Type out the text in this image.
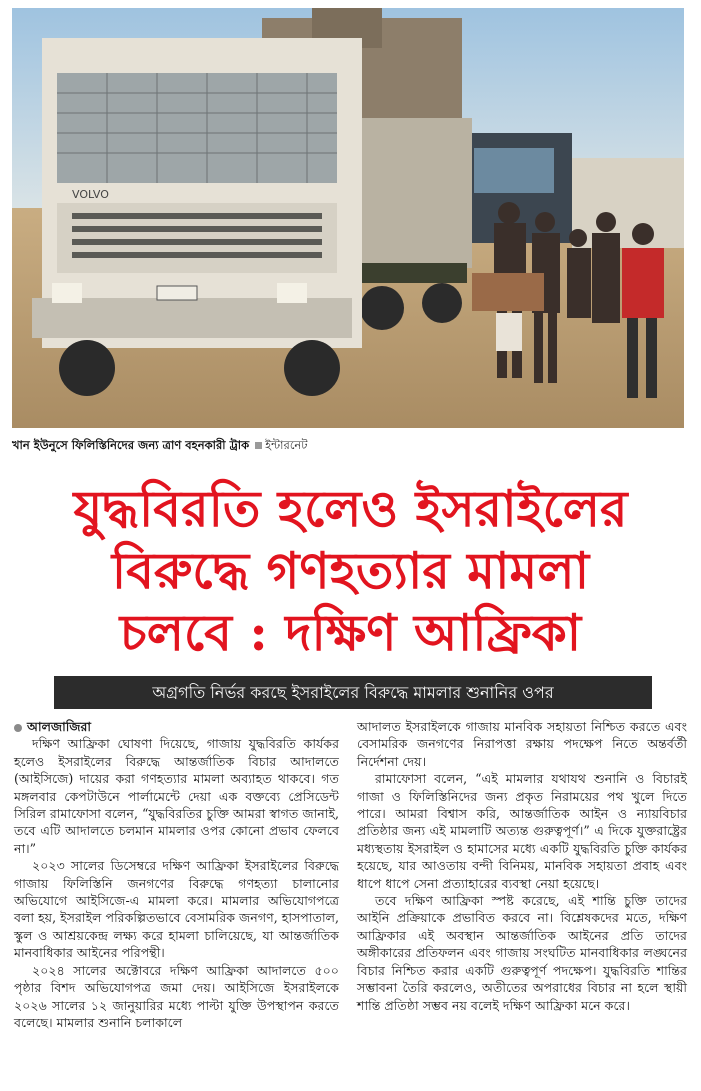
VOLVO
খান ইউনুসে ফিলিস্তিনিদের জন্য ত্রাণ বহনকারী ট্রাক ইন্টারনেট
যুদ্ধবিরতি হলেও ইসরাইলের
বিরুদ্ধে গণহত্যার মামলা
চলবে : দক্ষিণ আফ্রিকা
অগ্রগতি নির্ভর করছে ইসরাইলের বিরুদ্ধে মামলার শুনানির ওপর

আলজাজিরা

দক্ষিণ আফ্রিকা ঘোষণা দিয়েছে, গাজায় যুদ্ধবিরতি কার্যকর হলেও ইসরাইলের বিরুদ্ধে আন্তর্জাতিক বিচার আদালতে (আইসিজে) দায়ের করা গণহত্যার মামলা অব্যাহত থাকবে। গত মঙ্গলবার কেপটাউনে পার্লামেন্টে দেয়া এক বক্তব্যে প্রেসিডেন্ট সিরিল রামাফোসা বলেন, “যুদ্ধবিরতির চুক্তি আমরা স্বাগত জানাই, তবে এটি আদালতে চলমান মামলার ওপর কোনো প্রভাব ফেলবে না।”

২০২৩ সালের ডিসেম্বরে দক্ষিণ আফ্রিকা ইসরাইলের বিরুদ্ধে গাজায় ফিলিস্তিনি জনগণের বিরুদ্ধে গণহত্যা চালানোর অভিযোগে আইসিজে-এ মামলা করে। মামলার অভিযোগপত্রে বলা হয়, ইসরাইল পরিকল্পিতভাবে বেসামরিক জনগণ, হাসপাতাল, স্কুল ও আশ্রয়কেন্দ্র লক্ষ্য করে হামলা চালিয়েছে, যা আন্তর্জাতিক মানবাধিকার আইনের পরিপন্থী।

২০২৪ সালের অক্টোবরে দক্ষিণ আফ্রিকা আদালতে ৫০০ পৃষ্ঠার বিশদ অভিযোগপত্র জমা দেয়। আইসিজে ইসরাইলকে ২০২৬ সালের ১২ জানুয়ারির মধ্যে পাল্টা যুক্তি উপস্থাপন করতে বলেছে। মামলার শুনানি চলাকালে

আদালত ইসরাইলকে গাজায় মানবিক সহায়তা নিশ্চিত করতে এবং বেসামরিক জনগণের নিরাপত্তা রক্ষায় পদক্ষেপ নিতে অন্তর্বর্তী নির্দেশনা দেয়।

রামাফোসা বলেন, “এই মামলার যথাযথ শুনানি ও বিচারই গাজা ও ফিলিস্তিনিদের জন্য প্রকৃত নিরাময়ের পথ খুলে দিতে পারে। আমরা বিশ্বাস করি, আন্তর্জাতিক আইন ও ন্যায়বিচার প্রতিষ্ঠার জন্য এই মামলাটি অত্যন্ত গুরুত্বপূর্ণ।” এ দিকে যুক্তরাষ্ট্রের মধ্যস্থতায় ইসরাইল ও হামাসের মধ্যে একটি যুদ্ধবিরতি চুক্তি কার্যকর হয়েছে, যার আওতায় বন্দী বিনিময়, মানবিক সহায়তা প্রবাহ এবং ধাপে ধাপে সেনা প্রত্যাহারের ব্যবস্থা নেয়া হয়েছে।

তবে দক্ষিণ আফ্রিকা স্পষ্ট করেছে, এই শান্তি চুক্তি তাদের আইনি প্রক্রিয়াকে প্রভাবিত করবে না। বিশ্লেষকদের মতে, দক্ষিণ আফ্রিকার এই অবস্থান আন্তর্জাতিক আইনের প্রতি তাদের অঙ্গীকারের প্রতিফলন এবং গাজায় সংঘটিত মানবাধিকার লঙ্ঘনের বিচার নিশ্চিত করার একটি গুরুত্বপূর্ণ পদক্ষেপ। যুদ্ধবিরতি শান্তির সম্ভাবনা তৈরি করলেও, অতীতের অপরাধের বিচার না হলে স্থায়ী শান্তি প্রতিষ্ঠা সম্ভব নয় বলেই দক্ষিণ আফ্রিকা মনে করে।
